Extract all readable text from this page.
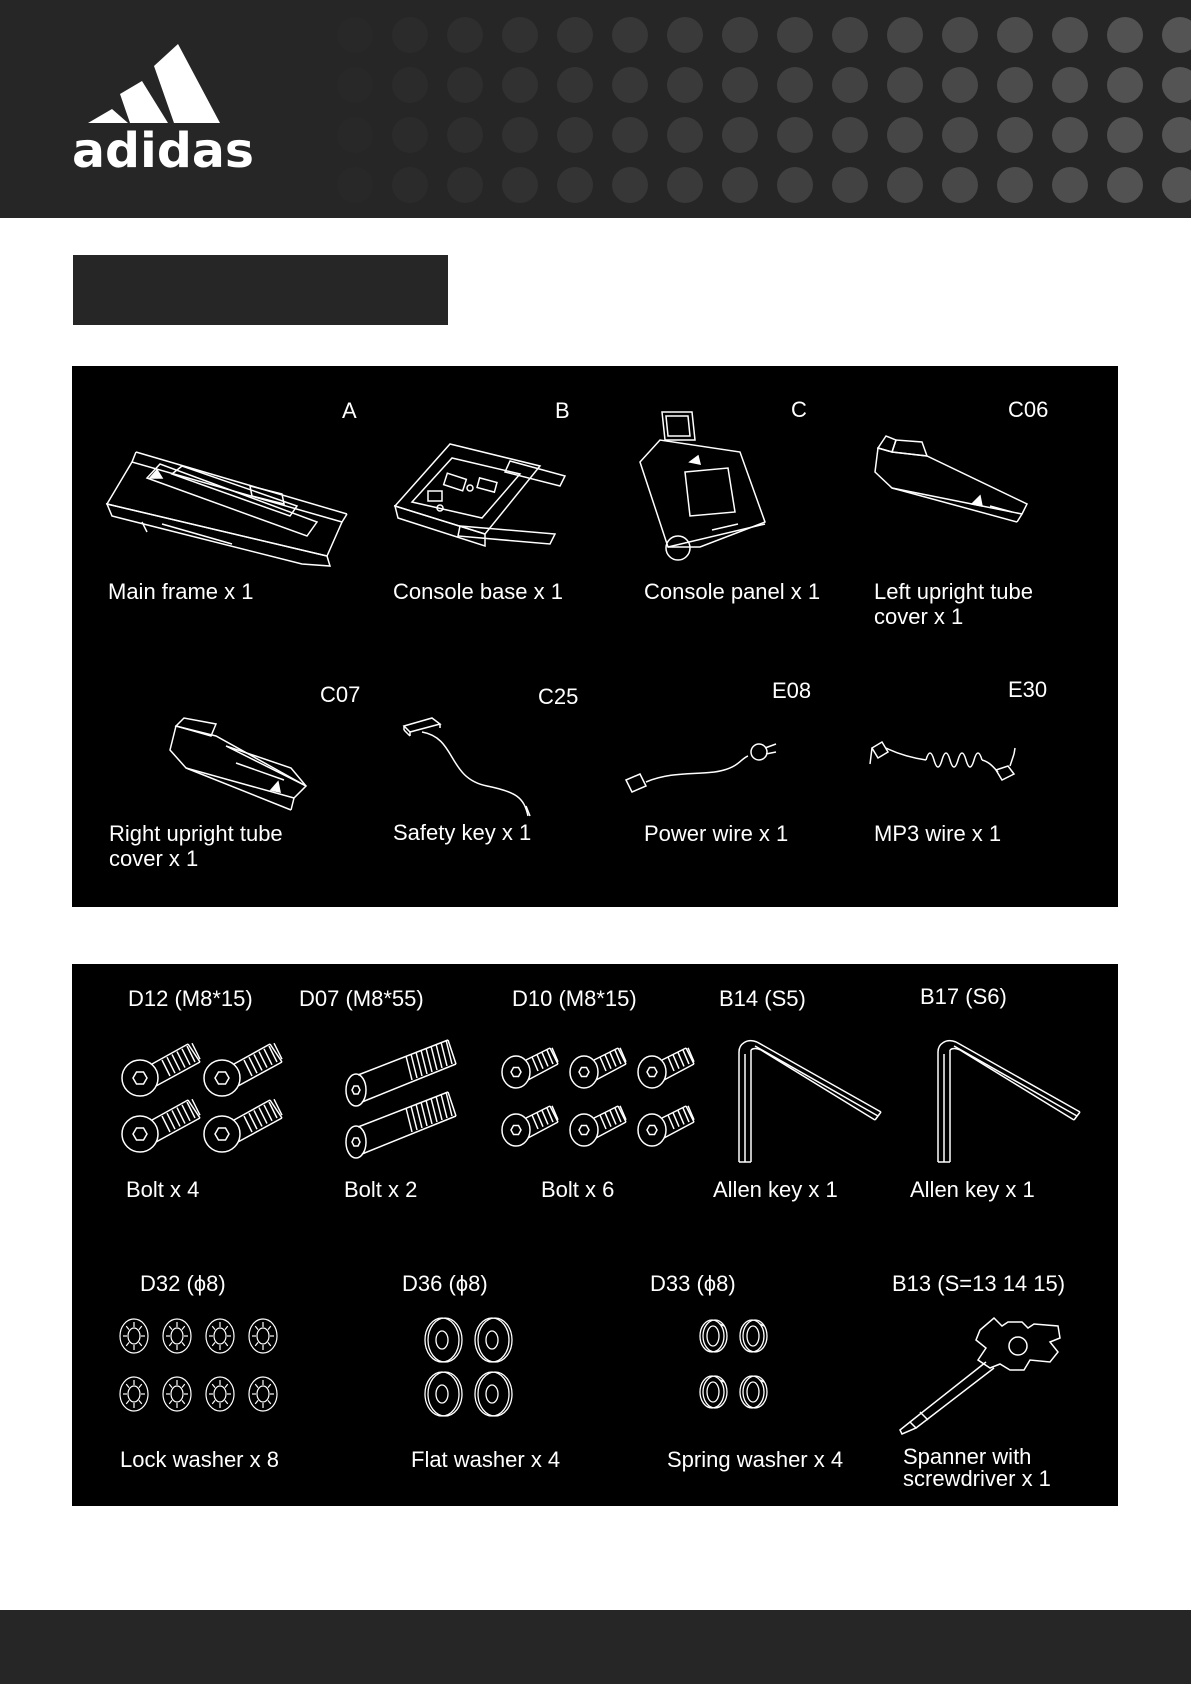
adidas
A
Main frame x 1
B
Console base x 1
C
Console panel x 1
C06
Left upright tube
cover x 1
C07
Right upright tube
cover x 1
C25
Safety key x 1
E08
Power wire x 1
E30
MP3 wire x 1
D12 (M8*15)
Bolt x 4
D07 (M8*55)
Bolt x 2
D10 (M8*15)
Bolt x 6
B14 (S5)
Allen key x 1
B17 (S6)
Allen key x 1
D32 (ϕ8)
Lock washer x 8
D36 (ϕ8)
Flat washer x 4
D33 (ϕ8)
Spring washer x 4
B13 (S=13 14 15)
Spanner with
screwdriver x 1
